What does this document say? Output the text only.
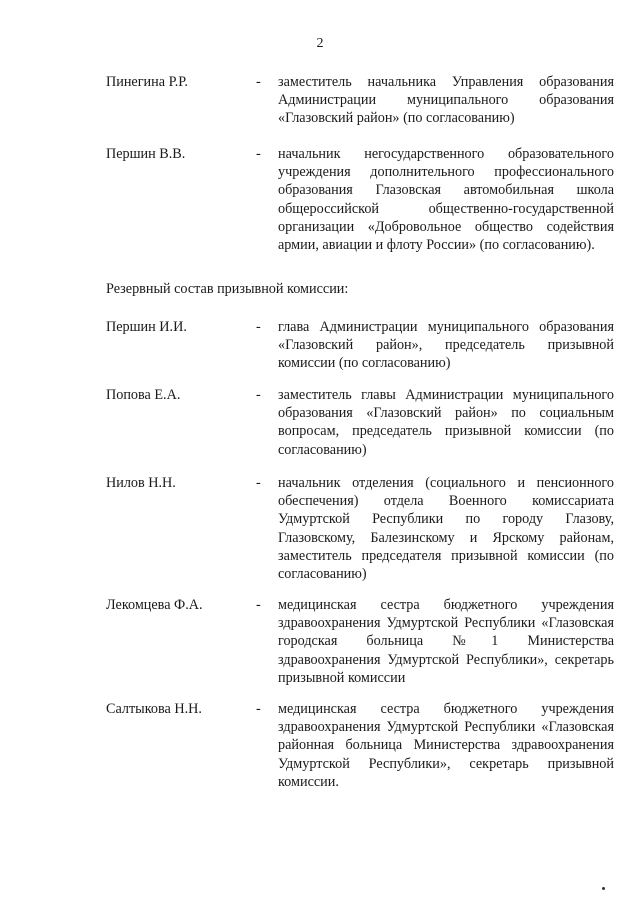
2
Пинегина Р.Р.	- заместитель начальника Управления образования Администрации муниципального образования «Глазовский район» (по согласованию)
Першин В.В.	- начальник негосударственного образовательного учреждения дополнительного профессионального образования Глазовская автомобильная школа общероссийской общественно-государственной организации «Добровольное общество содействия армии, авиации и флоту России» (по согласованию).
Резервный состав призывной комиссии:
Першин И.И.	- глава Администрации муниципального образования «Глазовский район», председатель призывной комиссии (по согласованию)
Попова Е.А.	- заместитель главы Администрации муниципального образования «Глазовский район» по социальным вопросам, председатель призывной комиссии (по согласованию)
Нилов Н.Н.	- начальник отделения (социального и пенсионного обеспечения) отдела Военного комиссариата Удмуртской Республики по городу Глазову, Глазовскому, Балезинскому и Ярскому районам, заместитель председателя призывной комиссии (по согласованию)
Лекомцева Ф.А.	- медицинская сестра бюджетного учреждения здравоохранения Удмуртской Республики «Глазовская городская больница №1 Министерства здравоохранения Удмуртской Республики», секретарь призывной комиссии
Салтыкова Н.Н.	- медицинская сестра бюджетного учреждения здравоохранения Удмуртской Республики «Глазовская районная больница Министерства здравоохранения Удмуртской Республики», секретарь призывной комиссии.
